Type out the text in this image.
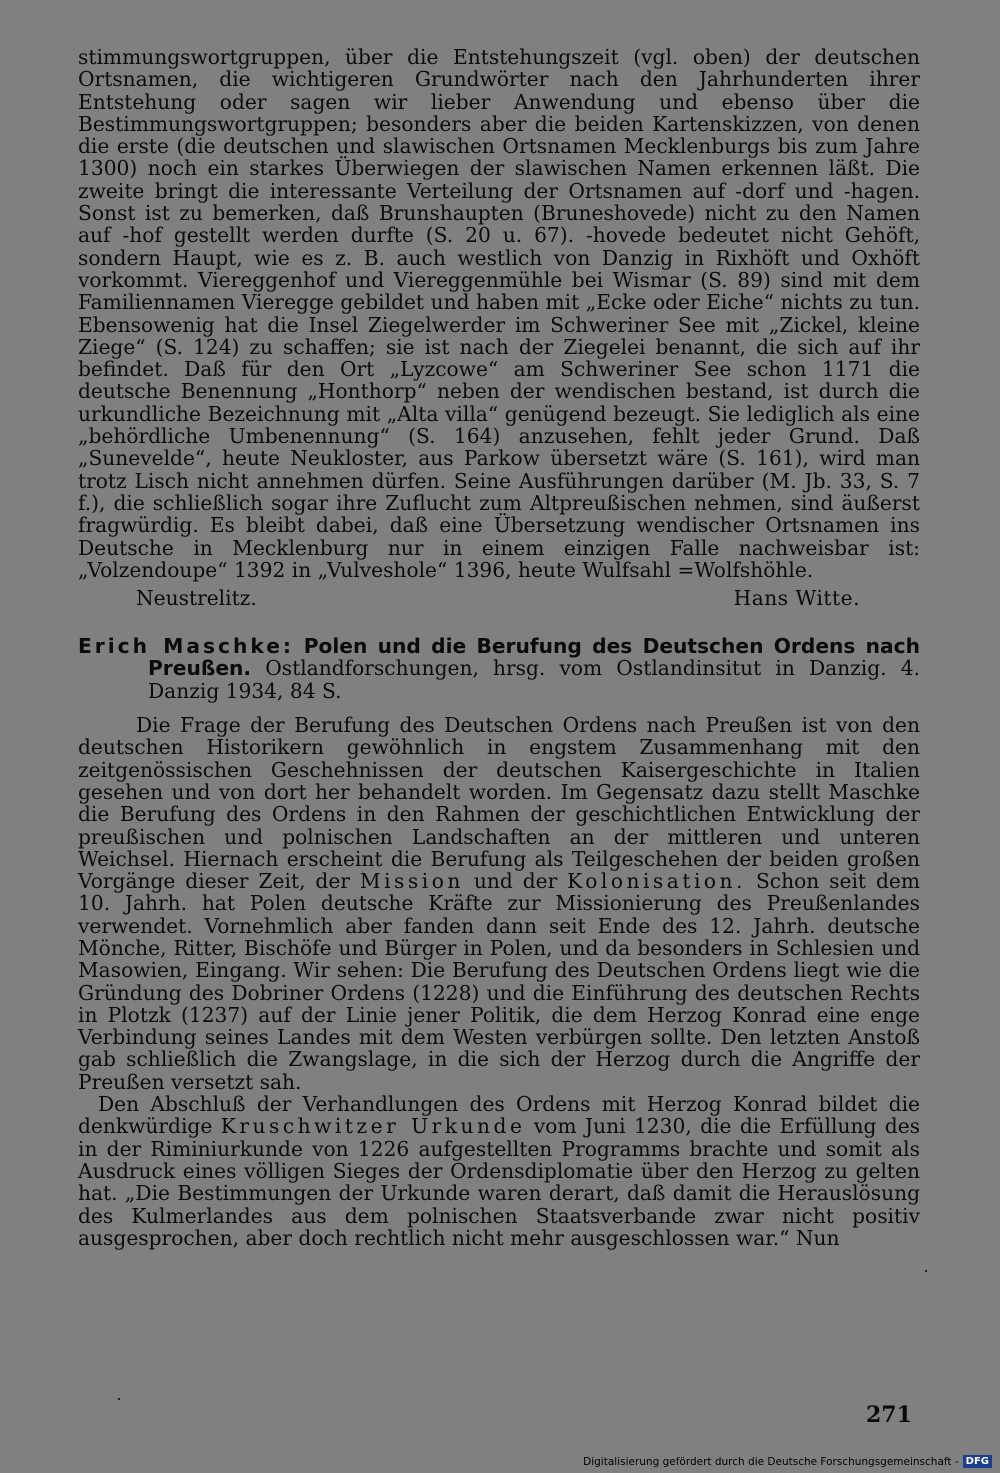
stimmungswortgruppen, über die Entstehungszeit (vgl. oben) der deutschen Ortsnamen, die wichtigeren Grundwörter nach den Jahrhunderten ihrer Entstehung oder sagen wir lieber Anwendung und ebenso über die Bestimmungswortgruppen; besonders aber die beiden Kartenskizzen, von denen die erste (die deutschen und slawischen Ortsnamen Mecklenburgs bis zum Jahre 1300) noch ein starkes Überwiegen der slawischen Namen erkennen läßt. Die zweite bringt die interessante Verteilung der Ortsnamen auf -dorf und -hagen. Sonst ist zu bemerken, daß Brunshaupten (Bruneshovede) nicht zu den Namen auf -hof gestellt werden durfte (S. 20 u. 67). -hovede bedeutet nicht Gehöft, sondern Haupt, wie es z. B. auch westlich von Danzig in Rixhöft und Oxhöft vorkommt. Viereggenhof und Viereggenmühle bei Wismar (S. 89) sind mit dem Familiennamen Vieregge gebildet und haben mit „Ecke oder Eiche“ nichts zu tun. Ebensowenig hat die Insel Ziegelwerder im Schweriner See mit „Zickel, kleine Ziege“ (S. 124) zu schaffen; sie ist nach der Ziegelei benannt, die sich auf ihr befindet. Daß für den Ort „Lyzcowe“ am Schweriner See schon 1171 die deutsche Benennung „Honthorp“ neben der wendischen bestand, ist durch die urkundliche Bezeichnung mit „Alta villa“ genügend bezeugt. Sie lediglich als eine „behördliche Umbenennung“ (S. 164) anzusehen, fehlt jeder Grund. Daß „Sunevelde“, heute Neukloster, aus Parkow übersetzt wäre (S. 161), wird man trotz Lisch nicht annehmen dürfen. Seine Ausführungen darüber (M. Jb. 33, S. 7 f.), die schließlich sogar ihre Zuflucht zum Altpreußischen nehmen, sind äußerst fragwürdig. Es bleibt dabei, daß eine Übersetzung wendischer Ortsnamen ins Deutsche in Mecklenburg nur in einem einzigen Falle nachweisbar ist: „Volzendoupe“ 1392 in „Vulveshole“ 1396, heute Wulfsahl =Wolfshöhle.

Neustrelitz.	Hans Witte.
Erich Maschke: Polen und die Berufung des Deutschen Ordens nach Preußen. Ostlandforschungen, hrsg. vom Ostlandinsitut in Danzig. 4. Danzig 1934, 84 S.

Die Frage der Berufung des Deutschen Ordens nach Preußen ist von den deutschen Historikern gewöhnlich in engstem Zusammenhang mit den zeitgenössischen Geschehnissen der deutschen Kaisergeschichte in Italien gesehen und von dort her behandelt worden. Im Gegensatz dazu stellt Maschke die Berufung des Ordens in den Rahmen der geschichtlichen Entwicklung der preußischen und polnischen Landschaften an der mittleren und unteren Weichsel. Hiernach erscheint die Berufung als Teilgeschehen der beiden großen Vorgänge dieser Zeit, der Mission und der Kolonisation. Schon seit dem 10. Jahrh. hat Polen deutsche Kräfte zur Missionierung des Preußenlandes verwendet. Vornehmlich aber fanden dann seit Ende des 12. Jahrh. deutsche Mönche, Ritter, Bischöfe und Bürger in Polen, und da besonders in Schlesien und Masowien, Eingang. Wir sehen: Die Berufung des Deutschen Ordens liegt wie die Gründung des Dobriner Ordens (1228) und die Einführung des deutschen Rechts in Plotzk (1237) auf der Linie jener Politik, die dem Herzog Konrad eine enge Verbindung seines Landes mit dem Westen verbürgen sollte. Den letzten Anstoß gab schließlich die Zwangslage, in die sich der Herzog durch die Angriffe der Preußen versetzt sah.

Den Abschluß der Verhandlungen des Ordens mit Herzog Konrad bildet die denkwürdige Kruschwitzer Urkunde vom Juni 1230, die die Erfüllung des in der Riminiurkunde von 1226 aufgestellten Programms brachte und somit als Ausdruck eines völligen Sieges der Ordensdiplomatie über den Herzog zu gelten hat. „Die Bestimmungen der Urkunde waren derart, daß damit die Herauslösung des Kulmerlandes aus dem polnischen Staatsverbande zwar nicht positiv ausgesprochen, aber doch rechtlich nicht mehr ausgeschlossen war.“ Nun

271
Digitalisierung gefördert durch die Deutsche Forschungsgemeinschaft - DFG
